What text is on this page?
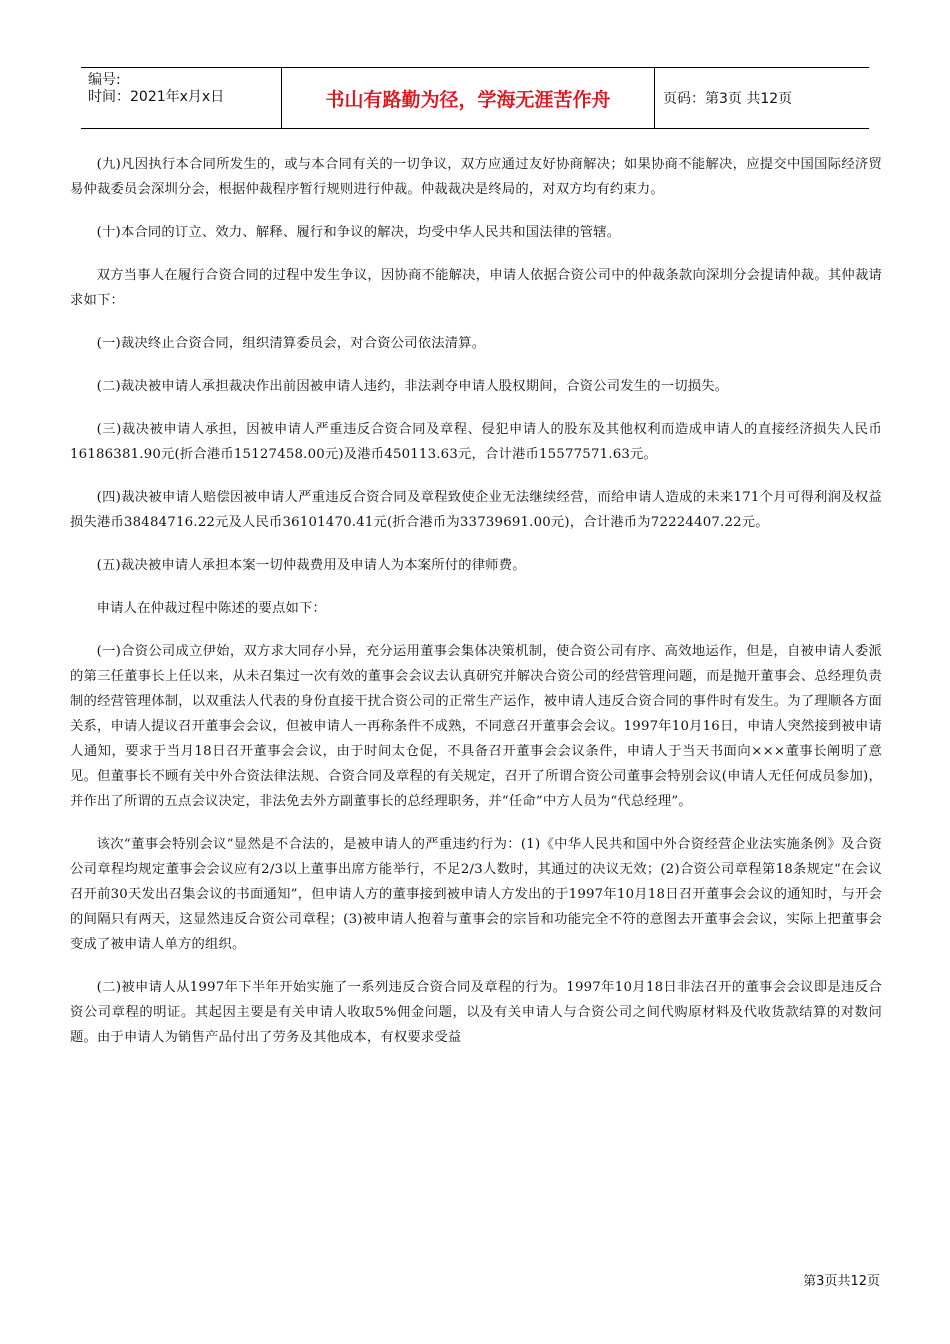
编号:
时间：2021年x月x日	书山有路勤为径，学海无涯苦作舟	页码：第3页 共12页

(九)凡因执行本合同所发生的，或与本合同有关的一切争议，双方应通过友好协商解决；如果协商不能解决，应提交中国国际经济贸易仲裁委员会深圳分会，根据仲裁程序暂行规则进行仲裁。仲裁裁决是终局的，对双方均有约束力。

(十)本合同的订立、效力、解释、履行和争议的解决，均受中华人民共和国法律的管辖。

双方当事人在履行合资合同的过程中发生争议，因协商不能解决，申请人依据合资公司中的仲裁条款向深圳分会提请仲裁。其仲裁请求如下：

(一)裁决终止合资合同，组织清算委员会，对合资公司依法清算。

(二)裁决被申请人承担裁决作出前因被申请人违约，非法剥夺申请人股权期间，合资公司发生的一切损失。

(三)裁决被申请人承担，因被申请人严重违反合资合同及章程、侵犯申请人的股东及其他权利而造成申请人的直接经济损失人民币16186381.90元(折合港币15127458.00元)及港币450113.63元，合计港币15577571.63元。

(四)裁决被申请人赔偿因被申请人严重违反合资合同及章程致使企业无法继续经营，而给申请人造成的未来171个月可得利润及权益损失港币38484716.22元及人民币36101470.41元(折合港币为33739691.00元)，合计港币为72224407.22元。

(五)裁决被申请人承担本案一切仲裁费用及申请人为本案所付的律师费。

申请人在仲裁过程中陈述的要点如下：

(一)合资公司成立伊始，双方求大同存小异，充分运用董事会集体决策机制，使合资公司有序、高效地运作，但是，自被申请人委派的第三任董事长上任以来，从未召集过一次有效的董事会会议去认真研究并解决合资公司的经营管理问题，而是抛开董事会、总经理负责制的经营管理体制，以双重法人代表的身份直接干扰合资公司的正常生产运作，被申请人违反合资合同的事件时有发生。为了理顺各方面关系，申请人提议召开董事会会议，但被申请人一再称条件不成熟，不同意召开董事会会议。1997年10月16日，申请人突然接到被申请人通知，要求于当月18日召开董事会会议，由于时间太仓促，不具备召开董事会会议条件，申请人于当天书面向×××董事长阐明了意见。但董事长不顾有关中外合资法律法规、合资合同及章程的有关规定，召开了所谓合资公司董事会特别会议(申请人无任何成员参加)，并作出了所谓的五点会议决定，非法免去外方副董事长的总经理职务，并“任命”中方人员为“代总经理”。

该次“董事会特别会议”显然是不合法的，是被申请人的严重违约行为：(1)《中华人民共和国中外合资经营企业法实施条例》及合资公司章程均规定董事会会议应有2/3以上董事出席方能举行，不足2/3人数时，其通过的决议无效；(2)合资公司章程第18条规定“在会议召开前30天发出召集会议的书面通知”，但申请人方的董事接到被申请人方发出的于1997年10月18日召开董事会会议的通知时，与开会的间隔只有两天，这显然违反合资公司章程；(3)被申请人抱着与董事会的宗旨和功能完全不符的意图去开董事会会议，实际上把董事会变成了被申请人单方的组织。

(二)被申请人从1997年下半年开始实施了一系列违反合资合同及章程的行为。1997年10月18日非法召开的董事会会议即是违反合资公司章程的明证。其起因主要是有关申请人收取5%佣金问题，以及有关申请人与合资公司之间代购原材料及代收货款结算的对数问题。由于申请人为销售产品付出了劳务及其他成本，有权要求受益

第3页共12页
